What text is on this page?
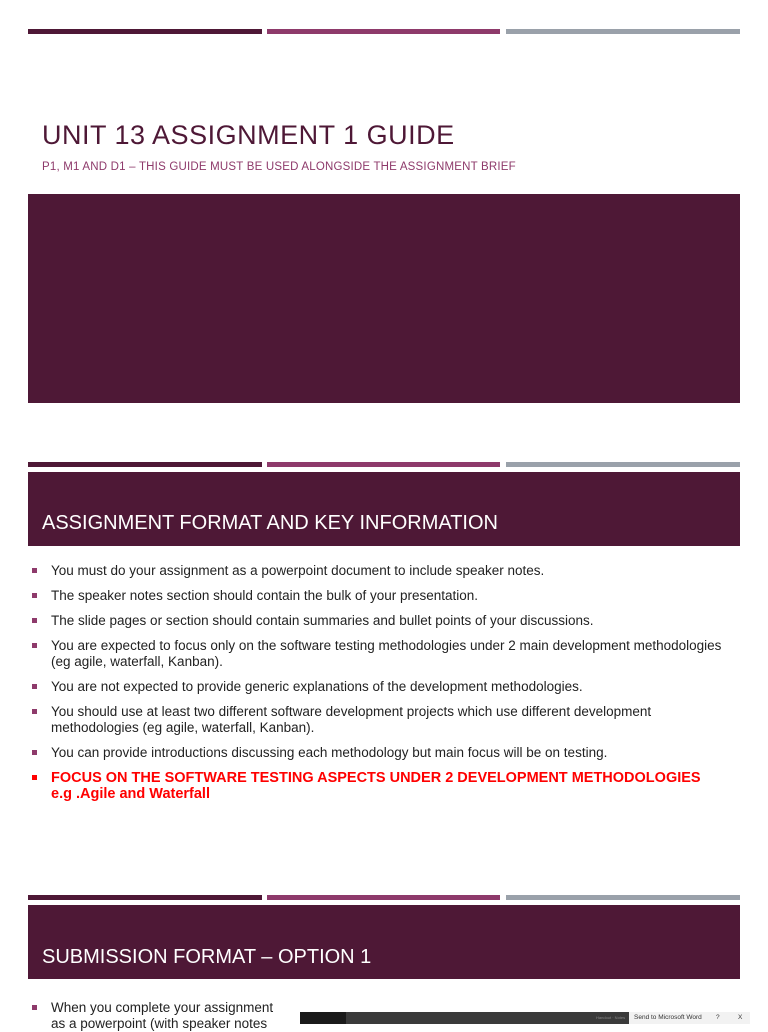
UNIT 13 ASSIGNMENT 1 GUIDE
P1, M1 AND D1 – THIS GUIDE MUST BE USED ALONGSIDE THE ASSIGNMENT BRIEF
ASSIGNMENT FORMAT AND KEY INFORMATION
You must do your assignment as a powerpoint document to include speaker notes.
The speaker notes section should contain the bulk of your presentation.
The slide pages or section should contain summaries and bullet points of your discussions.
You are expected to focus only on the software testing methodologies under 2 main development methodologies (eg agile, waterfall, Kanban).
You are not expected to provide generic explanations of the development methodologies.
You should use at least two different software development projects which use different development methodologies (eg agile, waterfall, Kanban).
You can provide introductions discussing each methodology but main focus will be on testing.
FOCUS ON THE SOFTWARE TESTING ASPECTS UNDER 2 DEVELOPMENT METHODOLOGIES e.g .Agile and Waterfall
SUBMISSION FORMAT – OPTION 1
When you complete your assignment as a powerpoint (with speaker notes	Handout · Notes Send to Microsoft Word ?	X
